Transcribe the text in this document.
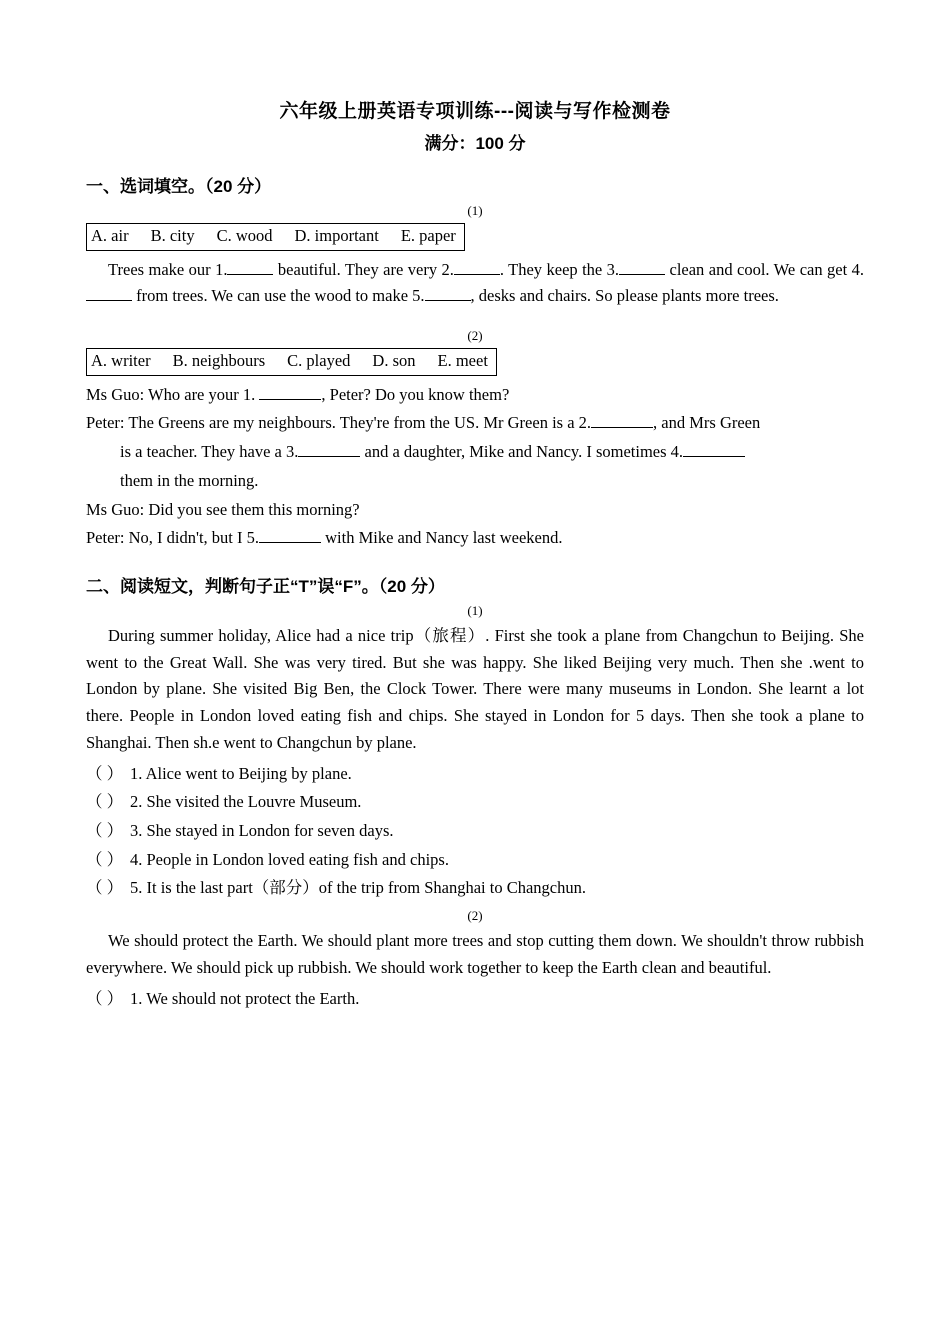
六年级上册英语专项训练---阅读与写作检测卷
满分：100 分
一、选词填空。（20 分）
(1)
A. air B. city C. wood D. important E. paper

Trees make our 1.	beautiful. They are very 2.	. They keep the 3.	clean and cool. We can get 4. from trees. We can use the wood to make 5.	, desks and chairs. So please plants more trees.

(2)
A. writer B. neighbours C. played D. son E. meet
Ms Guo: Who are your 1.	, Peter? Do you know them?
Peter: The Greens are my neighbours. They're from the US. Mr Green is a 2.	, and Mrs Green
is a teacher. They have a 3.	and a daughter, Mike and Nancy. I sometimes 4.
them in the morning.
Ms Guo: Did you see them this morning?
Peter: No, I didn't, but I 5.	with Mike and Nancy last weekend.
二、阅读短文，判断句子正“T”误“F”。（20 分）
(1)

During summer holiday, Alice had a nice trip（旅程）. First she took a plane from Changchun to Beijing. She went to the Great Wall. She was very tired. But she was happy. She liked Beijing very much. Then she .went to London by plane. She visited Big Ben, the Clock Tower. There were many museums in London. She learnt a lot there. People in London loved eating fish and chips. She stayed in London for 5 days. Then she took a plane to Shanghai. Then sh.e went to Changchun by plane.

（ ） 1. Alice went to Beijing by plane.
（ ） 2. She visited the Louvre Museum.
（ ） 3. She stayed in London for seven days.
（ ） 4. People in London loved eating fish and chips.
（ ） 5. It is the last part（部分）of the trip from Shanghai to Changchun.
(2)

We should protect the Earth. We should plant more trees and stop cutting them down. We shouldn't throw rubbish everywhere. We should pick up rubbish. We should work together to keep the Earth clean and beautiful.

（ ） 1. We should not protect the Earth.
